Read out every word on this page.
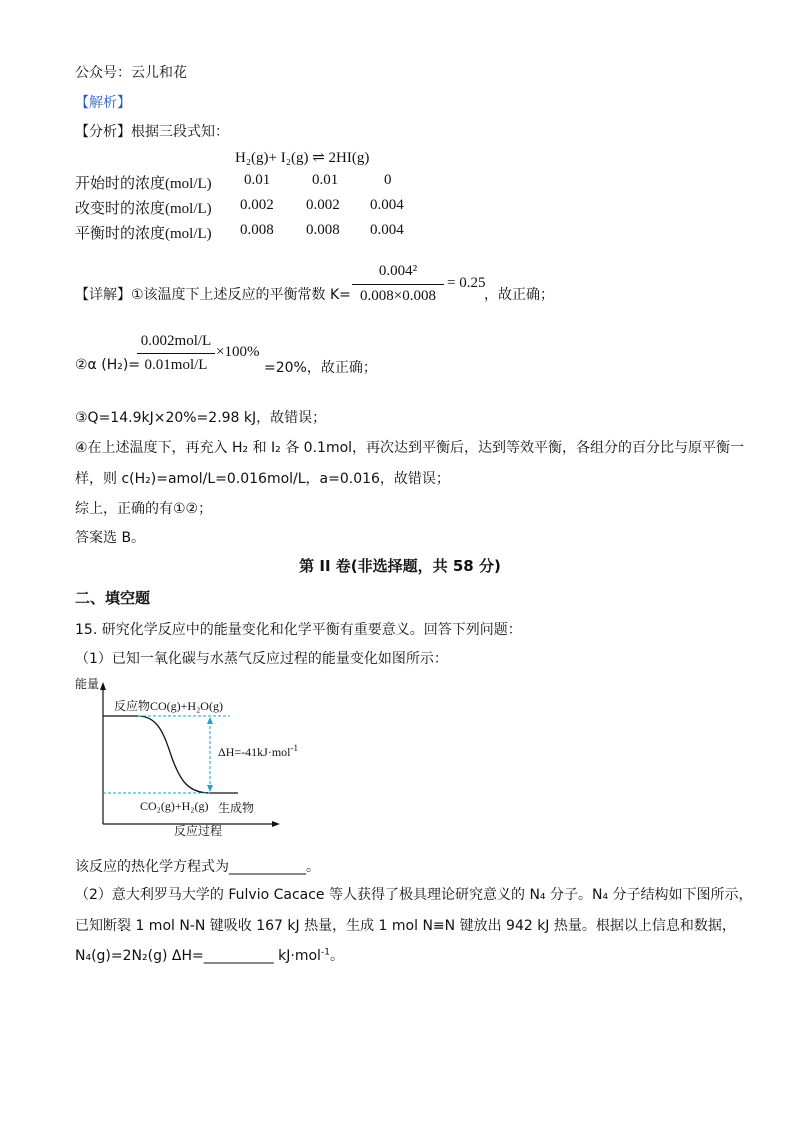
公众号：云儿和花
【解析】
【分析】根据三段式知：
H₂(g)+ I₂(g) ⇌ 2HI(g)
开始时的浓度(mol/L) 0.01	0.01	0
改变时的浓度(mol/L) 0.002 0.002 0.004
平衡时的浓度(mol/L) 0.008 0.008 0.004
【详解】①该温度下上述反应的平衡常数 K=
0.004²
0.008×0.008
= 0.25
，故正确；
②α (H₂)=
0.002mol/L
0.01mol/L
×100%
=20%，故正确；
③Q=14.9kJ×20%=2.98 kJ，故错误；
④在上述温度下，再充入 H₂ 和 I₂ 各 0.1mol，再次达到平衡后，达到等效平衡，各组分的百分比与原平衡一
样，则 c(H₂)=amol/L=0.016mol/L，a=0.016，故错误；
综上，正确的有①②；
答案选 B。
第 II 卷(非选择题，共 58 分)
二、填空题
15. 研究化学反应中的能量变化和化学平衡有重要意义。回答下列问题：
（1）已知一氧化碳与水蒸气反应过程的能量变化如图所示：
能量
反应物CO(g)+H₂O(g)
ΔH=-41kJ·mol$^{-1}$
CO₂(g)+H₂(g) 生成物
反应过程
该反应的热化学方程式为___________。
（2）意大利罗马大学的 Fulvio Cacace 等人获得了极具理论研究意义的 N₄ 分子。N₄ 分子结构如下图所示，
已知断裂 1 mol N-N 键吸收 167 kJ 热量，生成 1 mol N≡N 键放出 942 kJ 热量。根据以上信息和数据，
N₄(g)=2N₂(g) ΔH=__________ kJ·mol$^{-1}$。
